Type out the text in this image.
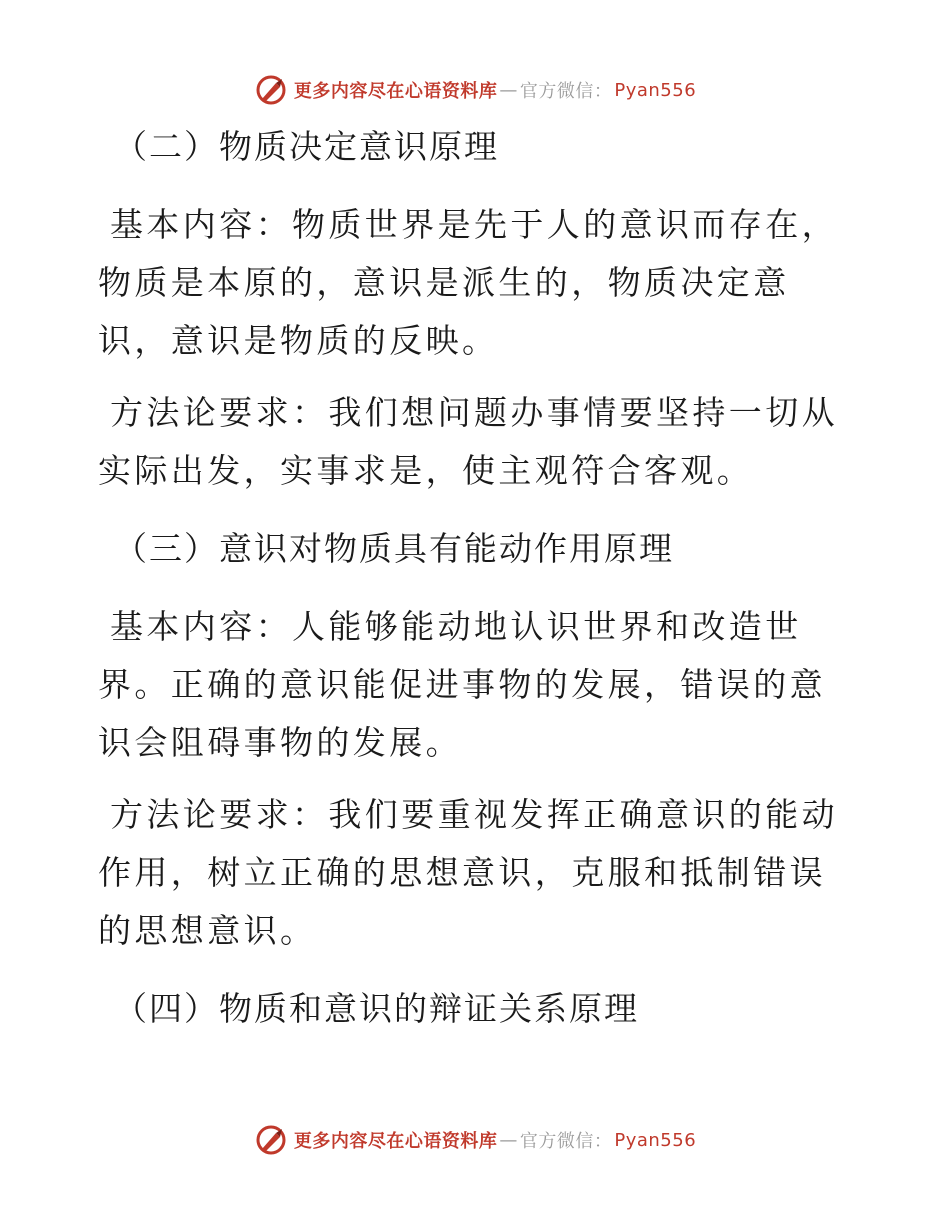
更多内容尽在心语资料库 — 官方微信： Pyan556
（二）物质决定意识原理

基本内容：物质世界是先于人的意识而存在，物质是本原的，意识是派生的，物质决定意识，意识是物质的反映。

方法论要求：我们想问题办事情要坚持一切从实际出发，实事求是，使主观符合客观。

（三）意识对物质具有能动作用原理

基本内容：人能够能动地认识世界和改造世界。正确的意识能促进事物的发展，错误的意识会阻碍事物的发展。

方法论要求：我们要重视发挥正确意识的能动作用，树立正确的思想意识，克服和抵制错误的思想意识。

（四）物质和意识的辩证关系原理
更多内容尽在心语资料库 — 官方微信： Pyan556
